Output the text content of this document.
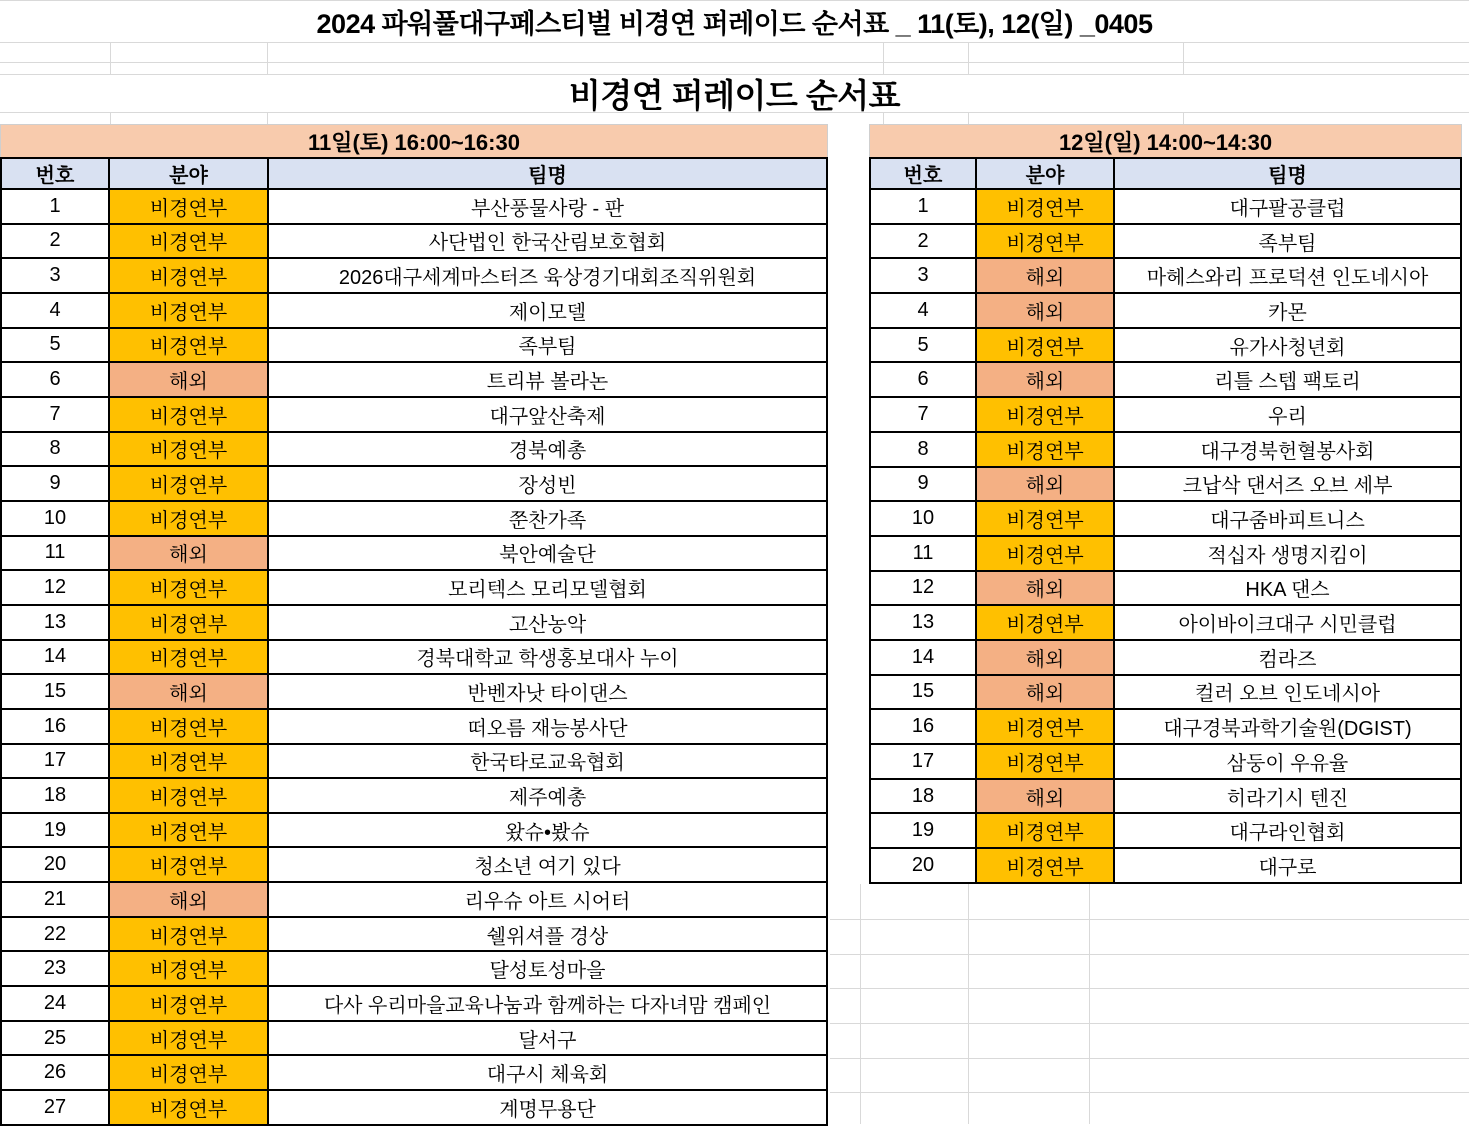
2024 파워풀대구페스티벌 비경연 퍼레이드 순서표 _ 11(토), 12(일) _0405
비경연 퍼레이드 순서표
11일(토) 16:00~16:30
번호	분야	팀명
1	비경연부	부산풍물사랑 - 판
2	비경연부	사단법인 한국산림보호협회
3	비경연부	2026대구세계마스터즈 육상경기대회조직위원회
4	비경연부	제이모델
5	비경연부	족부팀
6	해외	트리뷰 볼라논
7	비경연부	대구앞산축제
8	비경연부	경북예총
9	비경연부	장성빈
10	비경연부	쭌찬가족
11	해외	북안예술단
12	비경연부	모리텍스 모리모델협회
13	비경연부	고산농악
14	비경연부	경북대학교 학생홍보대사 누이
15	해외	반벤자낫 타이댄스
16	비경연부	떠오름 재능봉사단
17	비경연부	한국타로교육협회
18	비경연부	제주예총
19	비경연부	왔슈•봤슈
20	비경연부	청소년 여기 있다
21	해외	리우슈 아트 시어터
22	비경연부	쉘위셔플 경상
23	비경연부	달성토성마을
24	비경연부	다사 우리마을교육나눔과 함께하는 다자녀맘 캠페인
25	비경연부	달서구
26	비경연부	대구시 체육회
27	비경연부	계명무용단
12일(일) 14:00~14:30
번호	분야	팀명
1	비경연부	대구팔공클럽
2	비경연부	족부팀
3	해외	마헤스와리 프로덕션 인도네시아
4	해외	카몬
5	비경연부	유가사청년회
6	해외	리틀 스텝 팩토리
7	비경연부	우리
8	비경연부	대구경북헌혈봉사회
9	해외	크납삭 댄서즈 오브 세부
10	비경연부	대구줌바피트니스
11	비경연부	적십자 생명지킴이
12	해외	HKA 댄스
13	비경연부	아이바이크대구 시민클럽
14	해외	컴라즈
15	해외	컬러 오브 인도네시아
16	비경연부	대구경북과학기술원(DGIST)
17	비경연부	삼둥이 우유율
18	해외	히라기시 텐진
19	비경연부	대구라인협회
20	비경연부	대구로
